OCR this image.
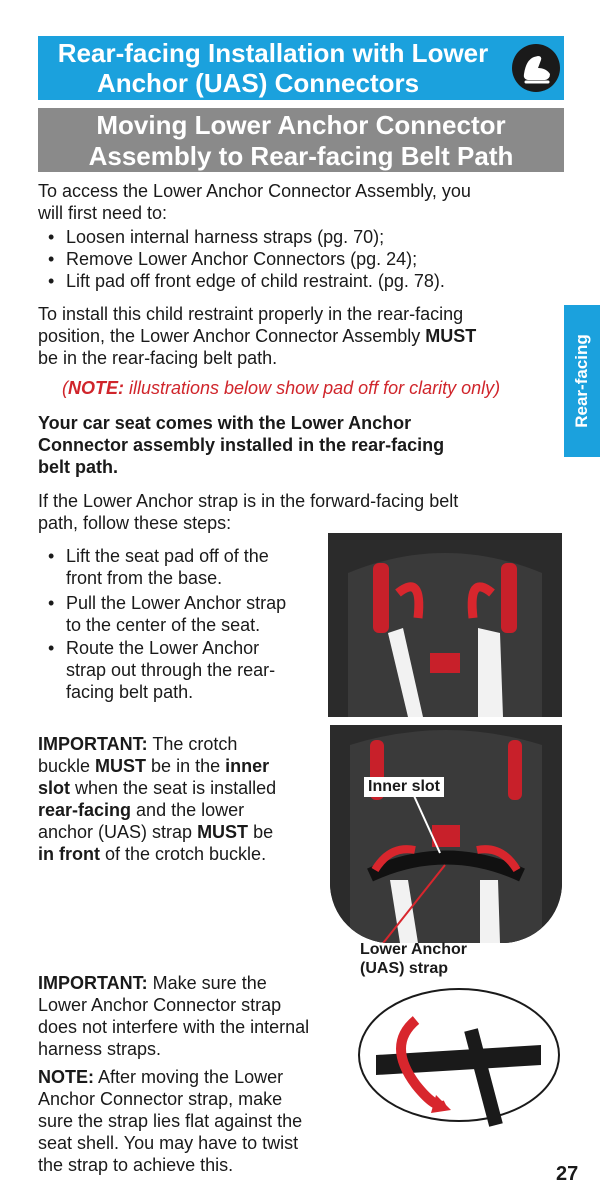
Rear-facing Installation with Lower
Anchor (UAS) Connectors
Moving Lower Anchor Connector
Assembly to Rear-facing Belt Path
Rear-facing
To access the Lower Anchor Connector Assembly, you
will first need to:
• Loosen internal harness straps (pg. 70);
• Remove Lower Anchor Connectors (pg. 24);
• Lift pad off front edge of child restraint. (pg. 78).
To install this child restraint properly in the rear-facing
position, the Lower Anchor Connector Assembly MUST
be in the rear-facing belt path.
(NOTE: illustrations below show pad off for clarity only)
Your car seat comes with the Lower Anchor
Connector assembly installed in the rear-facing
belt path.
If the Lower Anchor strap is in the forward-facing belt
path, follow these steps:
• Lift the seat pad off of the
front from the base.
• Pull the Lower Anchor strap
to the center of the seat.
• Route the Lower Anchor
strap out through the rear-
facing belt path.
IMPORTANT: The crotch
buckle MUST be in the inner
slot when the seat is installed
rear-facing and the lower
anchor (UAS) strap MUST be
in front of the crotch buckle.
Inner slot
Lower Anchor
(UAS) strap
IMPORTANT: Make sure the
Lower Anchor Connector strap
does not interfere with the internal
harness straps.
NOTE: After moving the Lower
Anchor Connector strap, make
sure the strap lies flat against the
seat shell. You may have to twist
the strap to achieve this.	27
